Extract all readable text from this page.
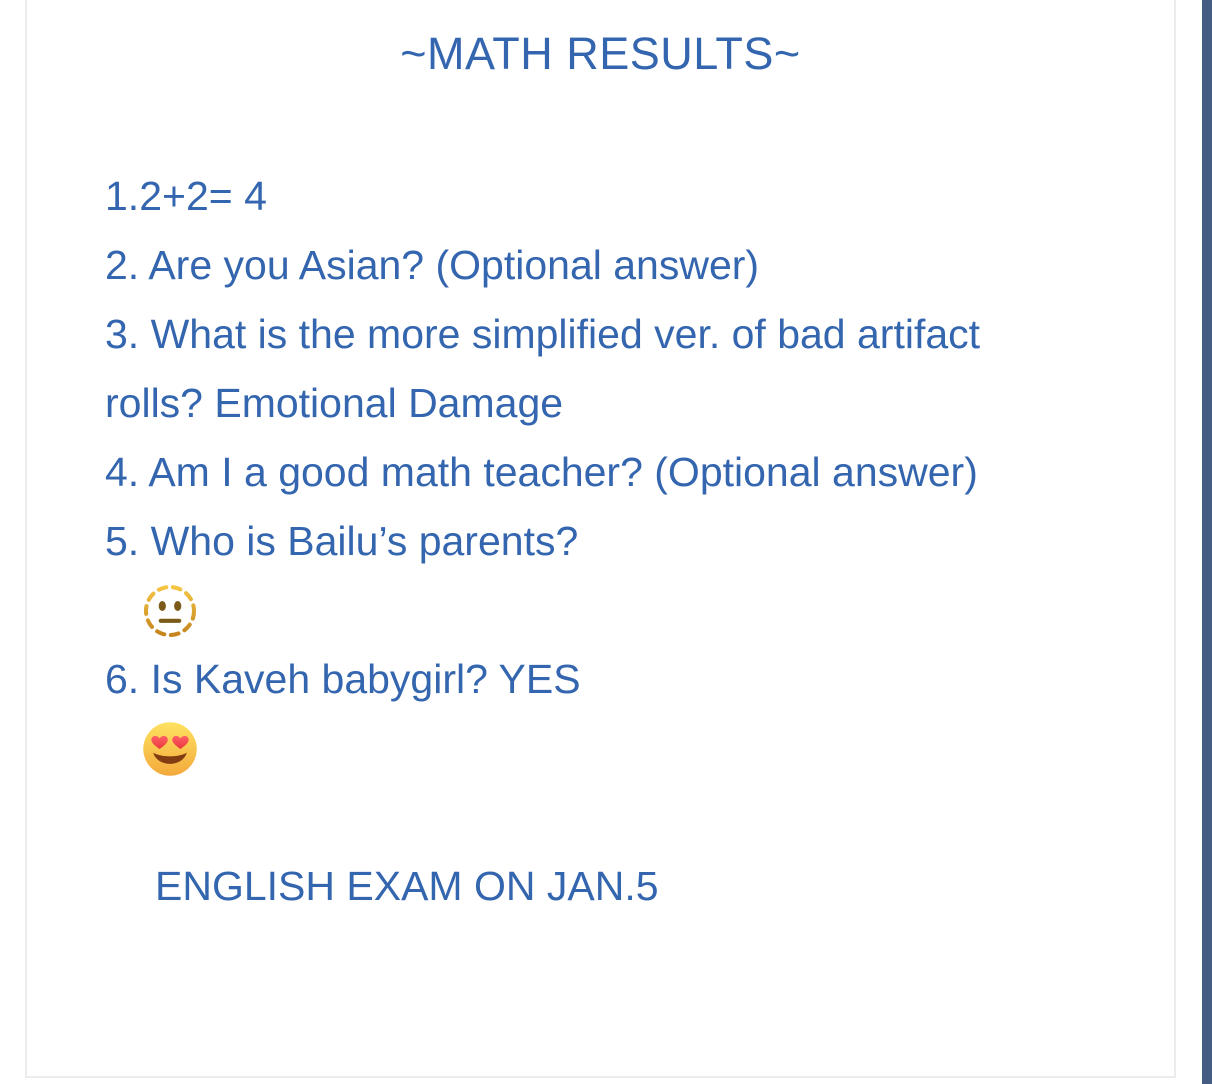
~MATH RESULTS~
1.2+2= 4
2. Are you Asian? (Optional answer)
3. What is the more simplified ver. of bad artifact
rolls? Emotional Damage
4. Am I a good math teacher? (Optional answer)
5. Who is Bailu’s parents?

6. Is Kaveh babygirl? YES

ENGLISH EXAM ON JAN.5
